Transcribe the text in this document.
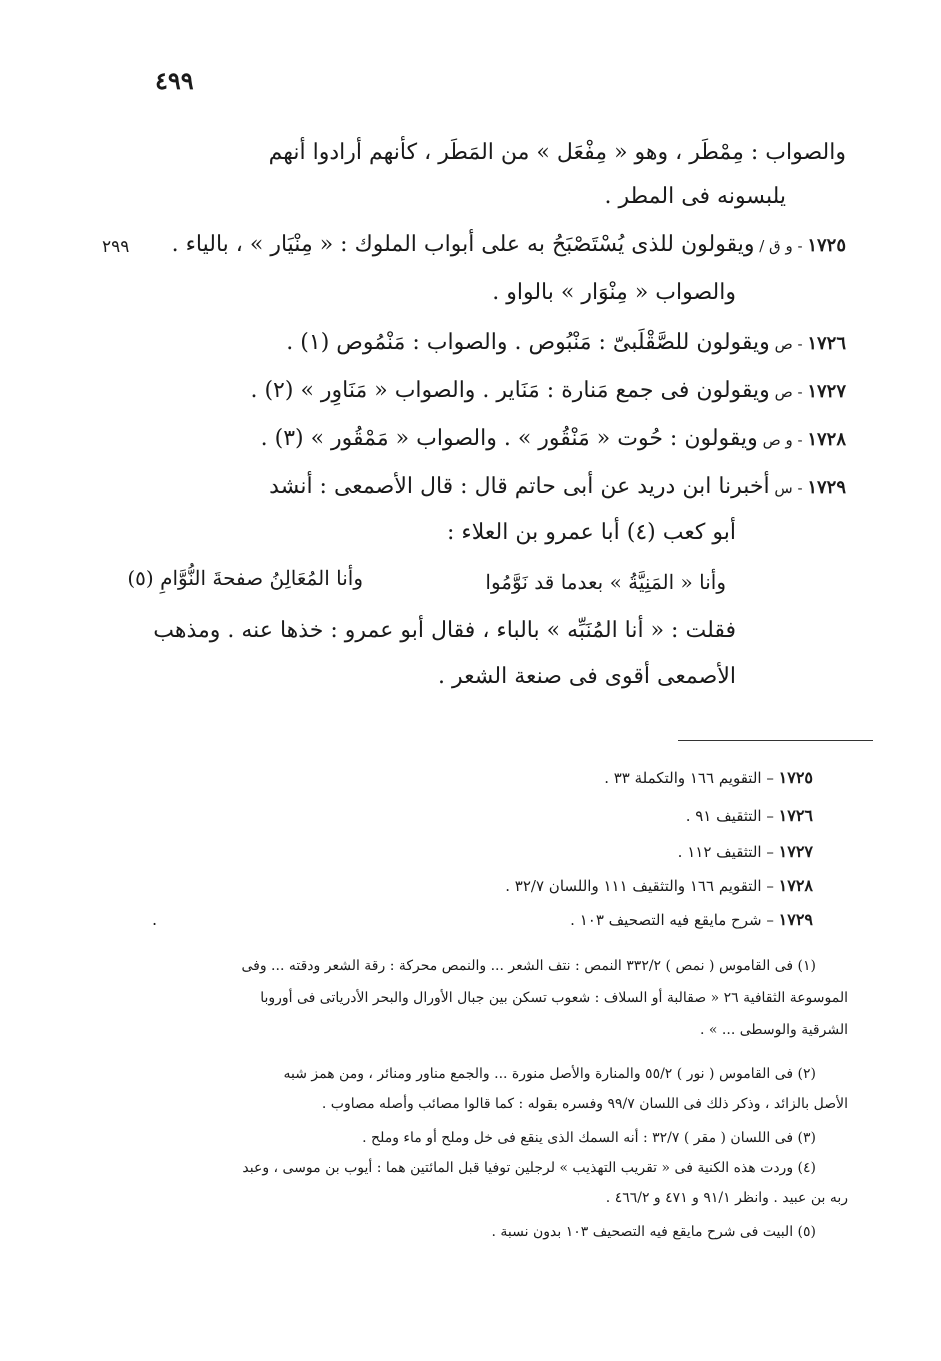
٤٩٩
والصواب : مِمْطَر ، وهو « مِفْعَل » من المَطَر ، كأنهم أرادوا أنهم
يلبسونه فى المطر .
١٧٢٥ - و ق / ويقولون للذى يُسْتَصْبَحُ به على أبواب الملوك : « مِنْيَار » ، بالياء .
٢٩٩
والصواب « مِنْوَار » بالواو .
١٧٢٦ - ص ويقولون للصَّقْلَبىّ : مَنْبُوص . والصواب : مَنْمُوص (١) .
١٧٢٧ - ص ويقولون فى جمع مَنارة : مَنَاير . والصواب « مَنَاوِر » (٢) .
١٧٢٨ - و ص ويقولون : حُوت « مَنْقُور » . والصواب « مَمْقُور » (٣) .
١٧٢٩ - س أخبرنا ابن دريد عن أبى حاتم قال : قال الأصمعى : أنشد
أبو كعب (٤) أبا عمرو بن العلاء :
وأنا « المَنِيَّةُ » بعدما قد نَوَّمُوا
وأنا المُعَالِنُ صفحةَ النُّوَّامِ (٥)
فقلت : « أنا المُنَبِّه » بالباء ، فقال أبو عمرو : خذها عنه . ومذهب
الأصمعى أقوى فى صنعة الشعر .
١٧٢٥ – التقويم ١٦٦ والتكملة ٣٣ .
١٧٢٦ – التثقيف ٩١ .
١٧٢٧ – التثقيف ١١٢ .
١٧٢٨ – التقويم ١٦٦ والتثقيف ١١١ واللسان ٣٢/٧ .
١٧٢٩ – شرح مايقع فيه التصحيف ١٠٣ .
.
(١) فى القاموس ( نمص ) ٣٣٢/٢ النمص : نتف الشعر ... والنمص محركة : رقة الشعر ودقته ... وفى
الموسوعة الثقافية ٢٦ « صقالبة أو السلاف : شعوب تسكن بين جبال الأورال والبحر الأدرياتى فى أوروبا
الشرقية والوسطى ... » .
(٢) فى القاموس ( نور ) ٥٥/٢ والمنارة والأصل منورة ... والجمع مناور ومنائر ، ومن همز شبه
الأصل بالزائد ، وذكر ذلك فى اللسان ٩٩/٧ وفسره بقوله : كما قالوا مصائب وأصله مصاوب .
(٣) فى اللسان ( مقر ) ٣٢/٧ : أنه السمك الذى ينقع فى خل وملح أو ماء وملح .
(٤) وردت هذه الكنية فى « تقريب التهذيب » لرجلين توفيا قبل المائتين هما : أيوب بن موسى ، وعبد
ربه بن عبيد . وانظر ٩١/١ و ٤٧١ و ٤٦٦/٢ .
(٥) البيت فى شرح مايقع فيه التصحيف ١٠٣ بدون نسبة .
